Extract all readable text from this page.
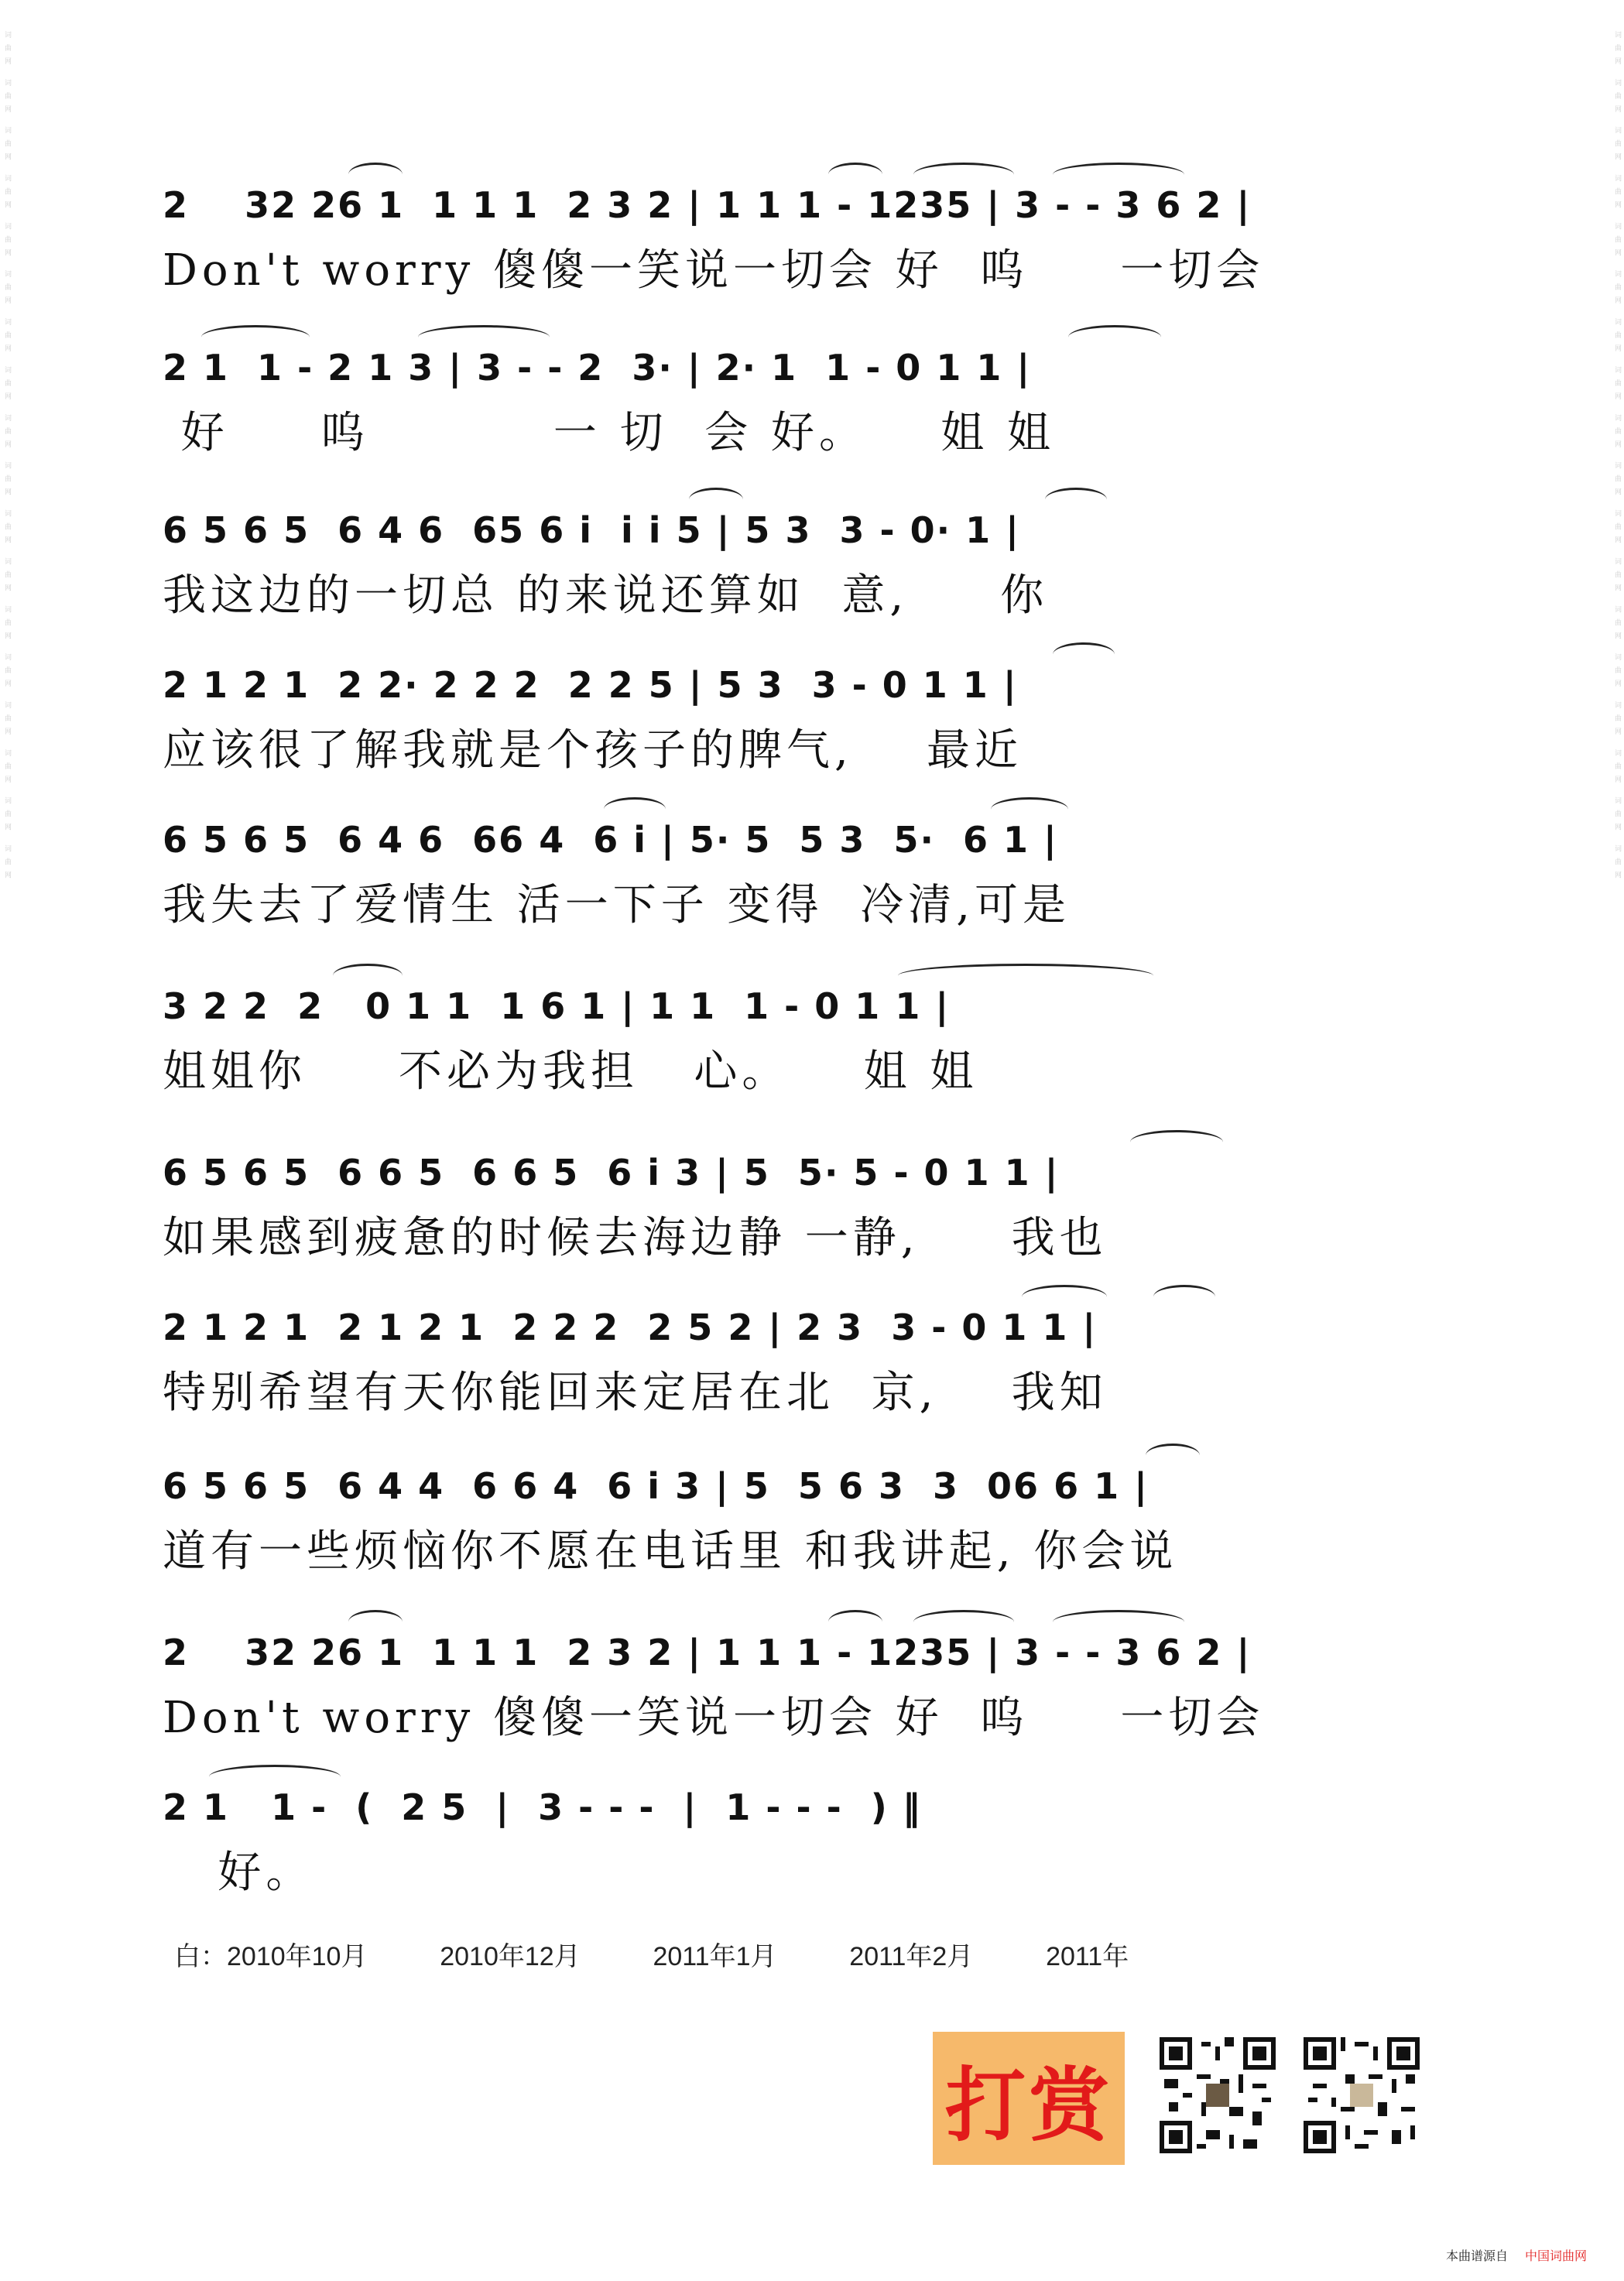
词曲网 词曲网 词曲网 词曲网 词曲网 词曲网 词曲网 词曲网 词曲网 词曲网 词曲网 词曲网 词曲网 词曲网 词曲网 词曲网 词曲网 词曲网	词曲网 词曲网 词曲网 词曲网 词曲网 词曲网 词曲网 词曲网 词曲网 词曲网 词曲网 词曲网 词曲网 词曲网 词曲网 词曲网 词曲网 词曲网
2    32 26 1  1 1 1  2 3 2 | 1 1 1 - 1235 | 3 - - 3 6 2 |
Don't worry 傻傻一笑说一切会 好  呜     一切会
2 1  1 - 2 1 3 | 3 - - 2  3· | 2· 1  1 - 0 1 1 |
好     呜          一 切  会 好。    姐 姐
6 5 6 5  6 4 6  65 6 i  i i 5 | 5 3  3 - 0· 1 |
我这边的一切总 的来说还算如  意,     你
2 1 2 1  2 2· 2 2 2  2 2 5 | 5 3  3 - 0 1 1 |
应该很了解我就是个孩子的脾气,    最近
6 5 6 5  6 4 6  66 4  6 i | 5· 5  5 3  5·  6 1 |
我失去了爱情生 活一下子 变得  冷清,可是
3 2 2  2   0 1 1  1 6 1 | 1 1  1 - 0 1 1 |
姐姐你     不必为我担   心。    姐 姐
6 5 6 5  6 6 5  6 6 5  6 i 3 | 5  5· 5 - 0 1 1 |
如果感到疲惫的时候去海边静 一静,     我也
2 1 2 1  2 1 2 1  2 2 2  2 5 2 | 2 3  3 - 0 1 1 |
特别希望有天你能回来定居在北  京,    我知
6 5 6 5  6 4 4  6 6 4  6 i 3 | 5  5 6 3  3  06 6 1 |
道有一些烦恼你不愿在电话里 和我讲起, 你会说
2    32 26 1  1 1 1  2 3 2 | 1 1 1 - 1235 | 3 - - 3 6 2 |
Don't worry 傻傻一笑说一切会 好  呜     一切会
2 1   1 -  (  2 5  |  3 - - -  |  1 - - -  ) ‖
好。
白：2010年10月    2010年12月    2011年1月    2011年2月    2011年
打赏
本曲谱源自 中国词曲网
